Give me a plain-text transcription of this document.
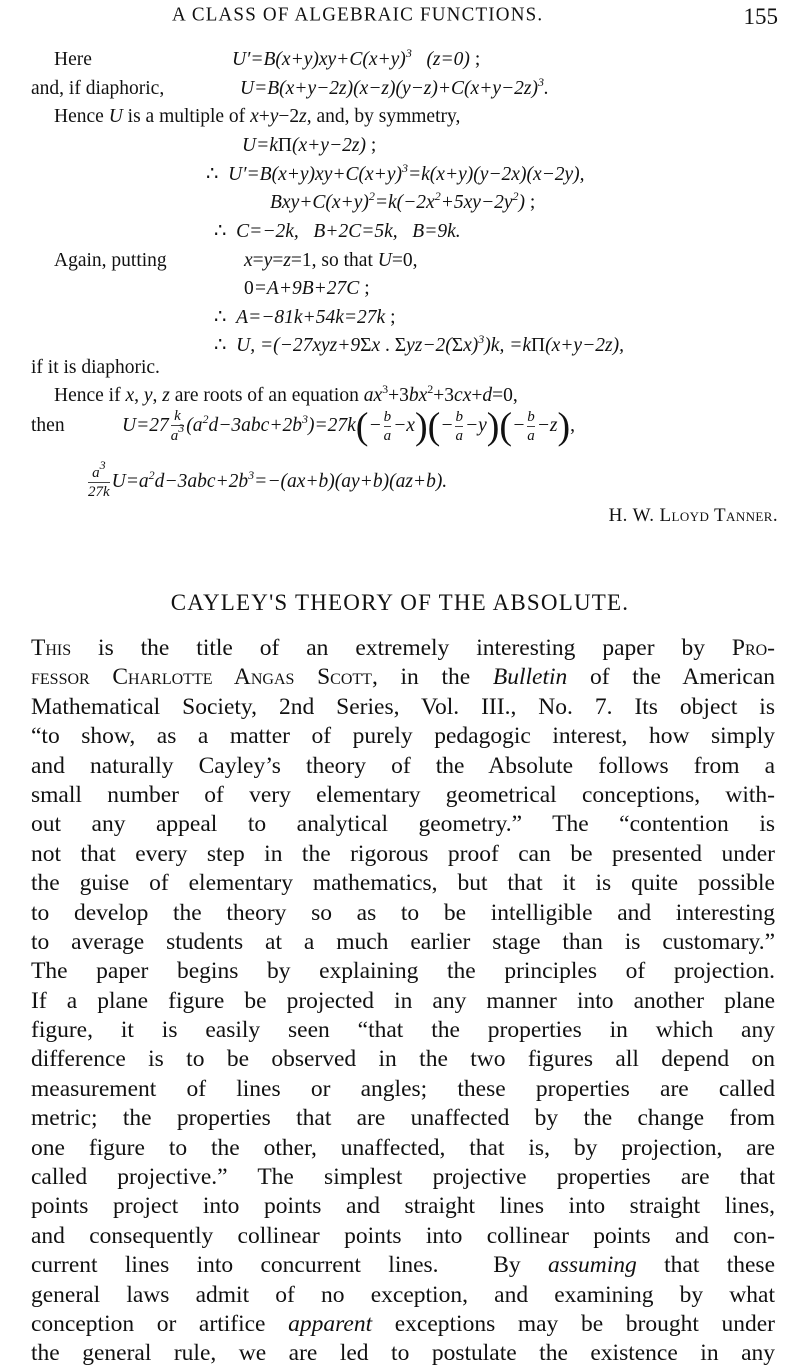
A CLASS OF ALGEBRAIC FUNCTIONS.	155
Here	$U'=B(x+y)xy+C(x+y)^3$   (z=0) ;
and, if diaphoric,	$U=B(x+y-2z)(x-z)(y-z)+C(x+y-2z)^3$.
Hence U is a multiple of x+y−2z, and, by symmetry,
U=kΠ(x+y−2z) ;
∴  $U'=B(x+y)xy+C(x+y)^3=k(x+y)(y-2x)(x-2y)$,
$Bxy+C(x+y)^2=k(-2x^2+5xy-2y^2)$ ;
∴  C=−2k,   B+2C=5k,   B=9k.
Again, putting	x=y=z=1, so that U=0,
0=A+9B+27C ;
∴  A=−81k+54k=27k ;
∴  U, =(−27xyz+9Σx . $\Sigma yz-2(\Sigma x)^3)k$, =kΠ(x+y−2z),
if it is diaphoric.
Hence if x, y, z are roots of an equation $ax^3+3bx^2+3cx+d=0$,
then	$U=27 \frac{k}{a^3} (a^2d-3abc+2b^3)=27k(- \frac{b}{a} -x)(- \frac{b}{a} -y)(- \frac{b}{a} -z)$,
$\frac{a^3}{27k} U=a^2d-3abc+2b^3=-(ax+b)(ay+b)(az+b)$.
H. W. Lloyd Tanner.
CAYLEY'S THEORY OF THE ABSOLUTE.
This is the title of an extremely interesting paper by Pro-
fessor Charlotte Angas Scott, in the Bulletin of the American
Mathematical Society, 2nd Series, Vol. III., No. 7. Its object is
“to show, as a matter of purely pedagogic interest, how simply
and naturally Cayley’s theory of the Absolute follows from a
small number of very elementary geometrical conceptions, with-
out any appeal to analytical geometry.” The “contention is
not that every step in the rigorous proof can be presented under
the guise of elementary mathematics, but that it is quite possible
to develop the theory so as to be intelligible and interesting
to average students at a much earlier stage than is customary.”
The paper begins by explaining the principles of projection.
If a plane figure be projected in any manner into another plane
figure, it is easily seen “that the properties in which any
difference is to be observed in the two figures all depend on
measurement of lines or angles; these properties are called
metric; the properties that are unaffected by the change from
one figure to the other, unaffected, that is, by projection, are
called projective.” The simplest projective properties are that
points project into points and straight lines into straight lines,
and consequently collinear points into collinear points and con-
current lines into concurrent lines.  By assuming that these
general laws admit of no exception, and examining by what
conception or artifice apparent exceptions may be brought under
the general rule, we are led to postulate the existence in any
